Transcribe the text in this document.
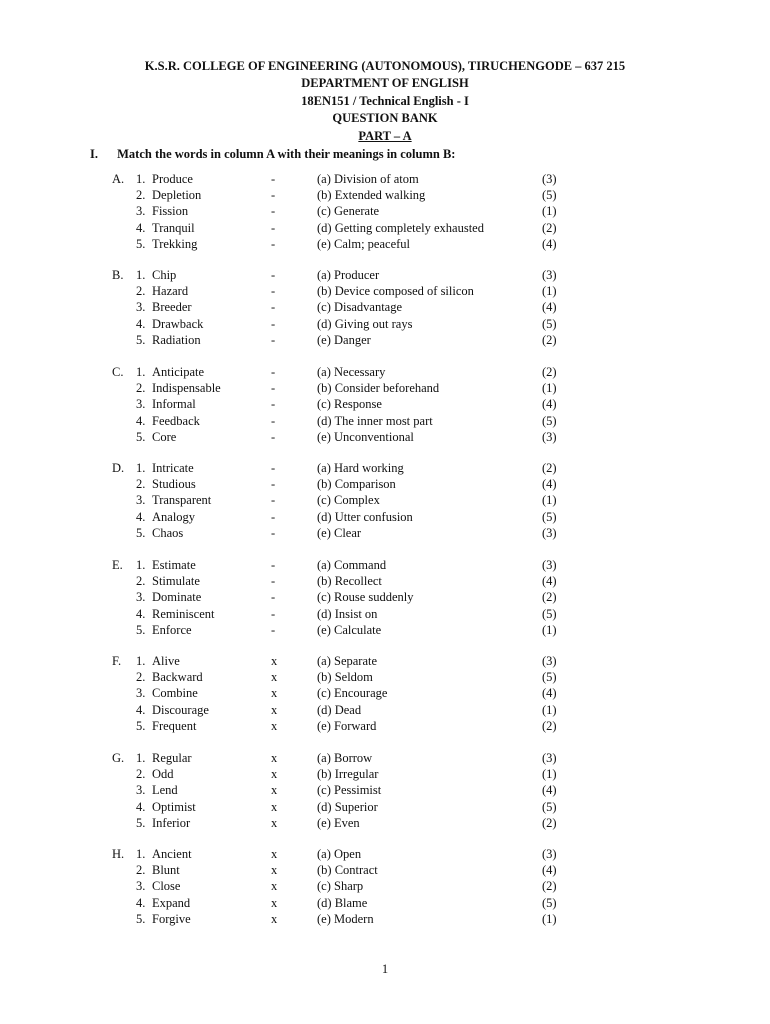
K.S.R. COLLEGE OF ENGINEERING (AUTONOMOUS), TIRUCHENGODE – 637 215
DEPARTMENT OF ENGLISH
18EN151 / Technical English - I
QUESTION BANK
PART – A
I. Match the words in column A with their meanings in column B:
A. 1. Produce	-	(a) Division of atom	(3)
2. Depletion	-	(b) Extended walking	(5)
3. Fission	-	(c) Generate	(1)
4. Tranquil	-	(d) Getting completely exhausted	(2)
5. Trekking	-	(e) Calm; peaceful	(4)
B. 1. Chip	-	(a) Producer	(3)
2. Hazard	-	(b) Device composed of silicon	(1)
3. Breeder	-	(c) Disadvantage	(4)
4. Drawback	-	(d) Giving out rays	(5)
5. Radiation	-	(e) Danger	(2)
C. 1. Anticipate	-	(a) Necessary	(2)
2. Indispensable	-	(b) Consider beforehand	(1)
3. Informal	-	(c) Response	(4)
4. Feedback	-	(d) The inner most part	(5)
5. Core	-	(e) Unconventional	(3)
D. 1. Intricate	-	(a) Hard working	(2)
2. Studious	-	(b) Comparison	(4)
3. Transparent	-	(c) Complex	(1)
4. Analogy	-	(d) Utter confusion	(5)
5. Chaos	-	(e) Clear	(3)
E. 1. Estimate	-	(a) Command	(3)
2. Stimulate	-	(b) Recollect	(4)
3. Dominate	-	(c) Rouse suddenly	(2)
4. Reminiscent	-	(d) Insist on	(5)
5. Enforce	-	(e) Calculate	(1)
F. 1. Alive	x	(a) Separate	(3)
2. Backward	x	(b) Seldom	(5)
3. Combine	x	(c) Encourage	(4)
4. Discourage	x	(d) Dead	(1)
5. Frequent	x	(e) Forward	(2)
G. 1. Regular	x	(a) Borrow	(3)
2. Odd	x	(b) Irregular	(1)
3. Lend	x	(c) Pessimist	(4)
4. Optimist	x	(d) Superior	(5)
5. Inferior	x	(e) Even	(2)
H. 1. Ancient	x	(a) Open	(3)
2. Blunt	x	(b) Contract	(4)
3. Close	x	(c) Sharp	(2)
4. Expand	x	(d) Blame	(5)
5. Forgive	x	(e) Modern	(1)
1
